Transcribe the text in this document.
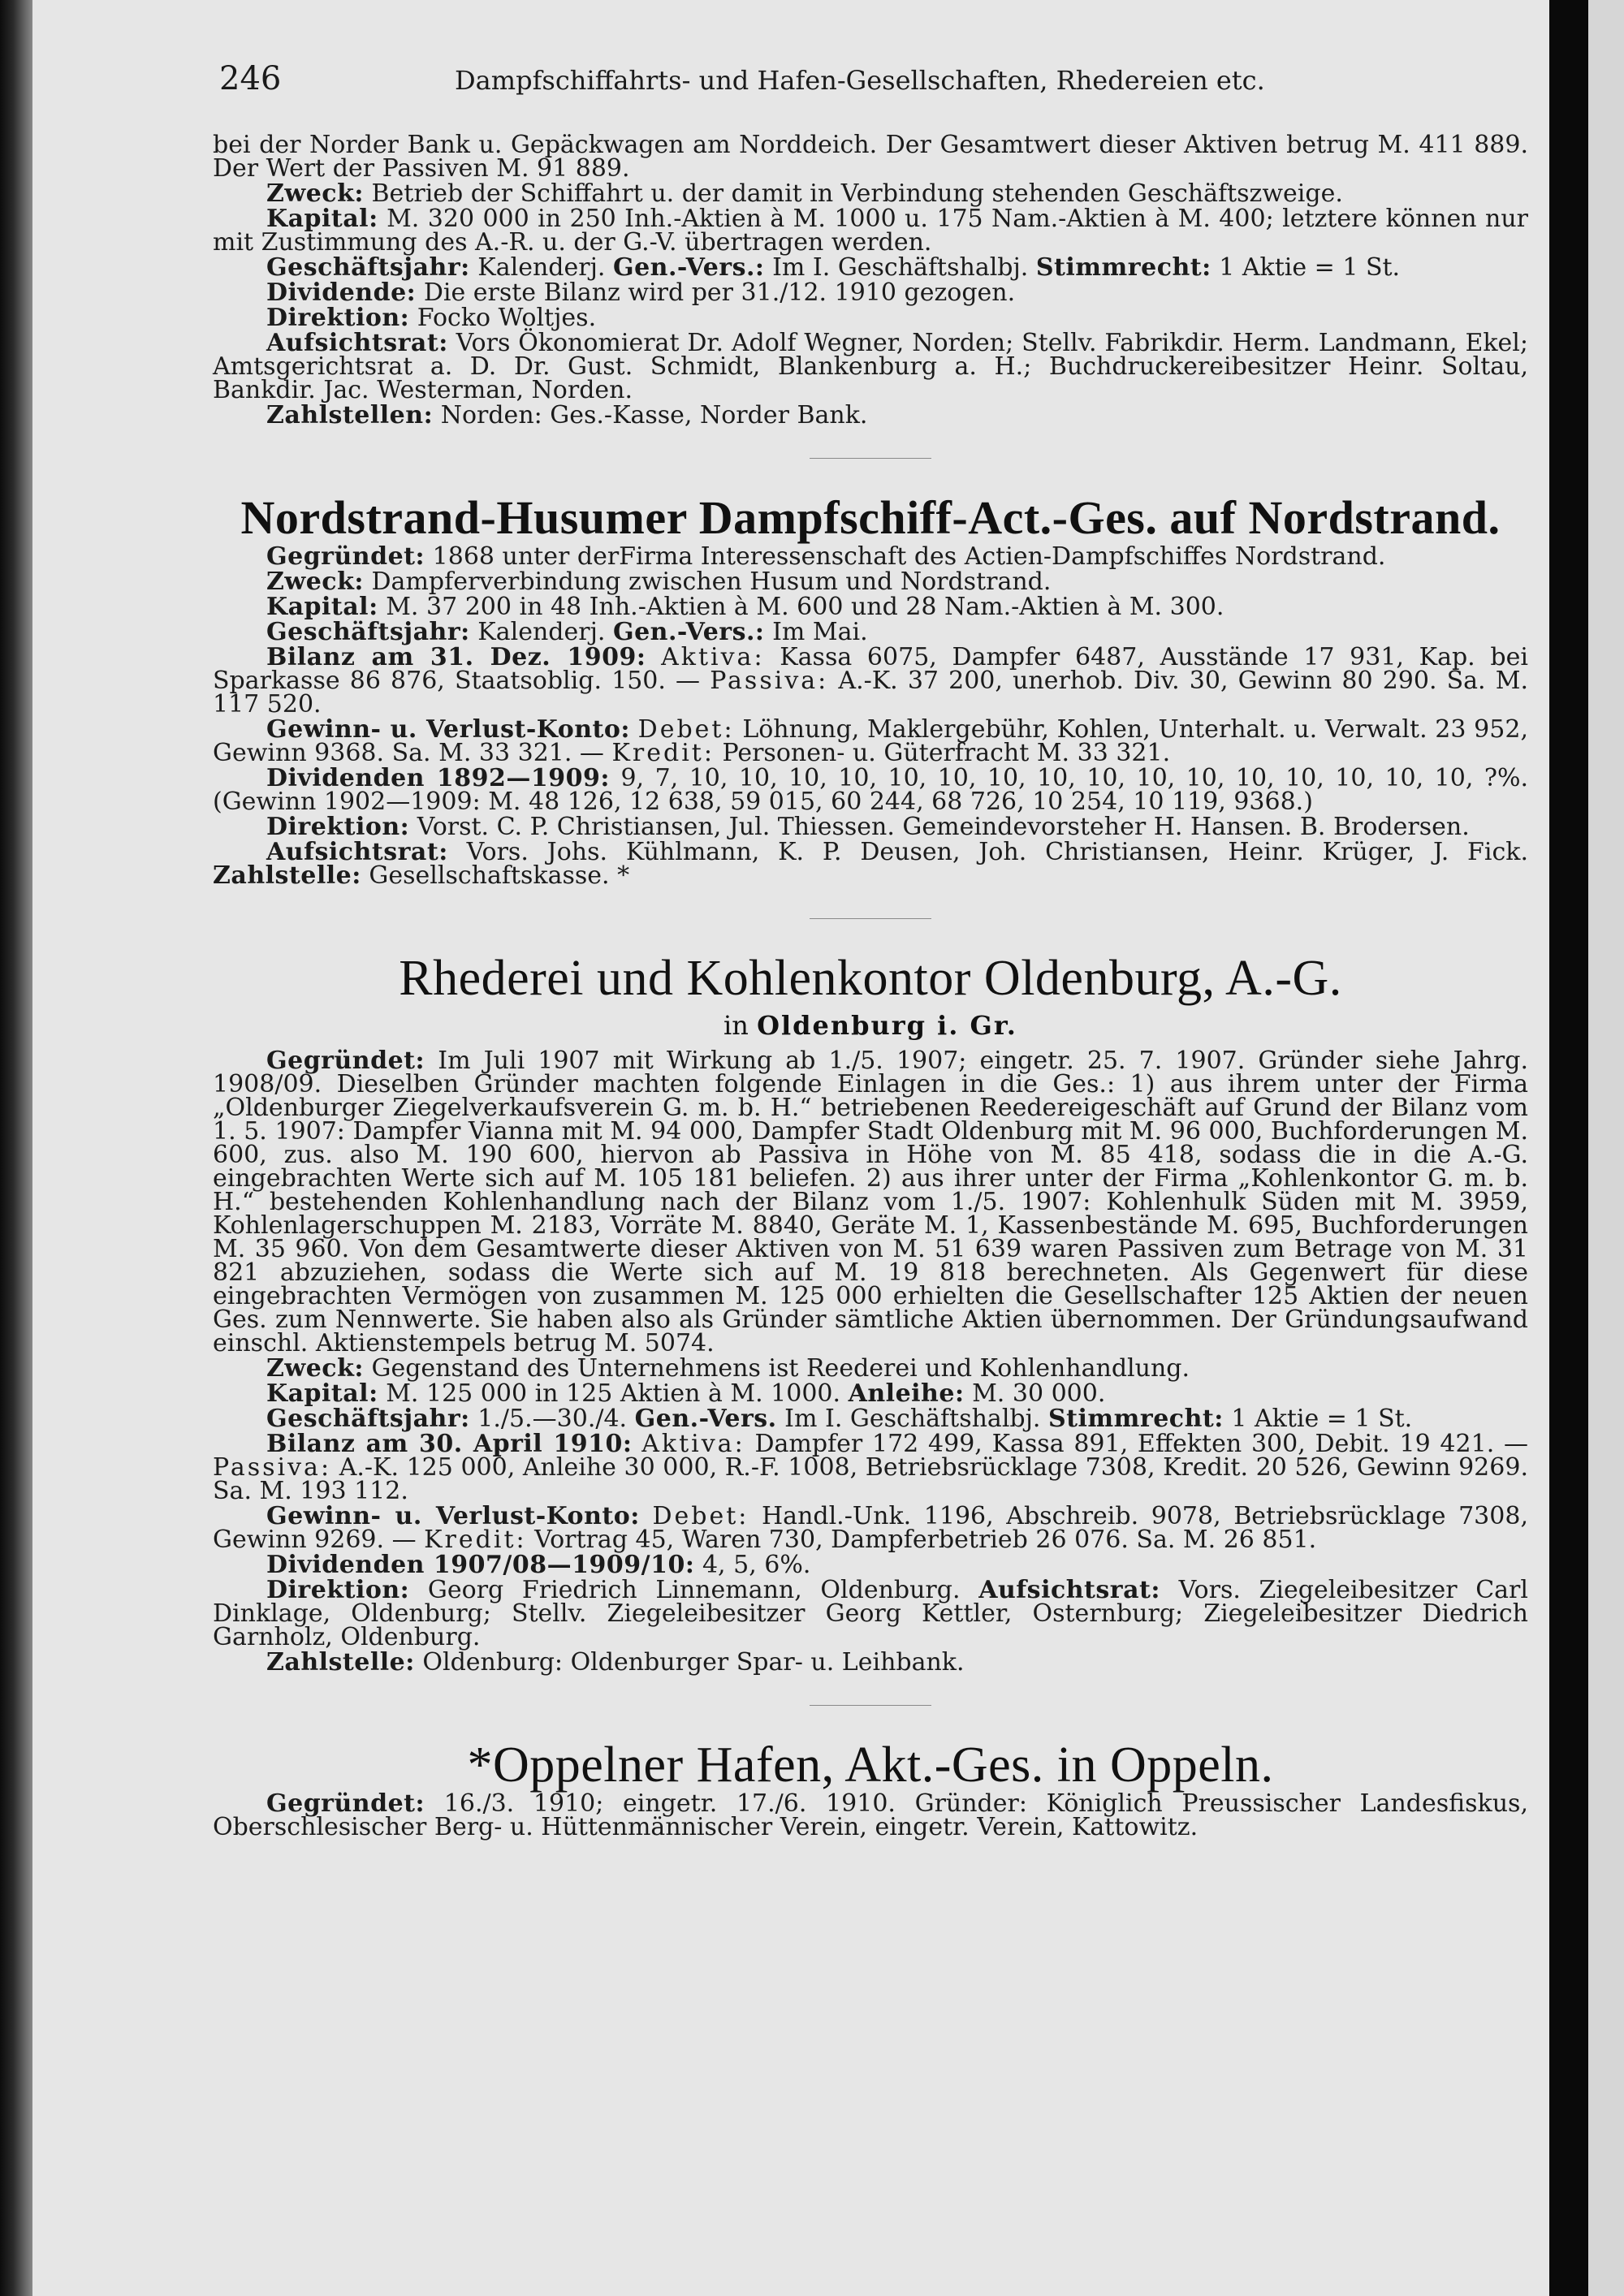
246	Dampfschiffahrts- und Hafen-Gesellschaften, Rhedereien etc.

bei der Norder Bank u. Gepäckwagen am Norddeich. Der Gesamtwert dieser Aktiven betrug M. 411 889. Der Wert der Passiven M. 91 889.

Zweck: Betrieb der Schiffahrt u. der damit in Verbindung stehenden Geschäftszweige.

Kapital: M. 320 000 in 250 Inh.-Aktien à M. 1000 u. 175 Nam.-Aktien à M. 400; letztere können nur mit Zustimmung des A.-R. u. der G.-V. übertragen werden.

Geschäftsjahr: Kalenderj. Gen.-Vers.: Im I. Geschäftshalbj. Stimmrecht: 1 Aktie = 1 St.

Dividende: Die erste Bilanz wird per 31./12. 1910 gezogen.

Direktion: Focko Woltjes.

Aufsichtsrat: Vors Ökonomierat Dr. Adolf Wegner, Norden; Stellv. Fabrikdir. Herm. Landmann, Ekel; Amtsgerichtsrat a. D. Dr. Gust. Schmidt, Blankenburg a. H.; Buchdruckereibesitzer Heinr. Soltau, Bankdir. Jac. Westerman, Norden.

Zahlstellen: Norden: Ges.-Kasse, Norder Bank.

Nordstrand-Husumer Dampfschiff-Act.-Ges. auf Nordstrand.

Gegründet: 1868 unter derFirma Interessenschaft des Actien-Dampfschiffes Nordstrand.

Zweck: Dampferverbindung zwischen Husum und Nordstrand.

Kapital: M. 37 200 in 48 Inh.-Aktien à M. 600 und 28 Nam.-Aktien à M. 300.

Geschäftsjahr: Kalenderj. Gen.-Vers.: Im Mai.

Bilanz am 31. Dez. 1909: Aktiva: Kassa 6075, Dampfer 6487, Ausstände 17 931, Kap. bei Sparkasse 86 876, Staatsoblig. 150. — Passiva: A.-K. 37 200, unerhob. Div. 30, Gewinn 80 290. Sa. M. 117 520.

Gewinn- u. Verlust-Konto: Debet: Löhnung, Maklergebühr, Kohlen, Unterhalt. u. Verwalt. 23 952, Gewinn 9368. Sa. M. 33 321. — Kredit: Personen- u. Güterfracht M. 33 321.

Dividenden 1892—1909: 9, 7, 10, 10, 10, 10, 10, 10, 10, 10, 10, 10, 10, 10, 10, 10, 10, 10, ?%. (Gewinn 1902—1909: M. 48 126, 12 638, 59 015, 60 244, 68 726, 10 254, 10 119, 9368.)

Direktion: Vorst. C. P. Christiansen, Jul. Thiessen. Gemeindevorsteher H. Hansen. B. Brodersen.

Aufsichtsrat: Vors. Johs. Kühlmann, K. P. Deusen, Joh. Christiansen, Heinr. Krüger, J. Fick. Zahlstelle: Gesellschaftskasse. *

Rhederei und Kohlenkontor Oldenburg, A.-G.

in Oldenburg i. Gr.

Gegründet: Im Juli 1907 mit Wirkung ab 1./5. 1907; eingetr. 25. 7. 1907. Gründer siehe Jahrg. 1908/09. Dieselben Gründer machten folgende Einlagen in die Ges.: 1) aus ihrem unter der Firma „Oldenburger Ziegelverkaufsverein G. m. b. H.“ betriebenen Reedereigeschäft auf Grund der Bilanz vom 1. 5. 1907: Dampfer Vianna mit M. 94 000, Dampfer Stadt Oldenburg mit M. 96 000, Buchforderungen M. 600, zus. also M. 190 600, hiervon ab Passiva in Höhe von M. 85 418, sodass die in die A.-G. eingebrachten Werte sich auf M. 105 181 beliefen. 2) aus ihrer unter der Firma „Kohlenkontor G. m. b. H.“ bestehenden Kohlenhandlung nach der Bilanz vom 1./5. 1907: Kohlenhulk Süden mit M. 3959, Kohlenlagerschuppen M. 2183, Vorräte M. 8840, Geräte M. 1, Kassenbestände M. 695, Buchforderungen M. 35 960. Von dem Gesamtwerte dieser Aktiven von M. 51 639 waren Passiven zum Betrage von M. 31 821 abzuziehen, sodass die Werte sich auf M. 19 818 berechneten. Als Gegenwert für diese eingebrachten Vermögen von zusammen M. 125 000 erhielten die Gesellschafter 125 Aktien der neuen Ges. zum Nennwerte. Sie haben also als Gründer sämtliche Aktien übernommen. Der Gründungsaufwand einschl. Aktienstempels betrug M. 5074.

Zweck: Gegenstand des Unternehmens ist Reederei und Kohlenhandlung.

Kapital: M. 125 000 in 125 Aktien à M. 1000. Anleihe: M. 30 000.

Geschäftsjahr: 1./5.—30./4. Gen.-Vers. Im I. Geschäftshalbj. Stimmrecht: 1 Aktie = 1 St.

Bilanz am 30. April 1910: Aktiva: Dampfer 172 499, Kassa 891, Effekten 300, Debit. 19 421. — Passiva: A.-K. 125 000, Anleihe 30 000, R.-F. 1008, Betriebsrücklage 7308, Kredit. 20 526, Gewinn 9269. Sa. M. 193 112.

Gewinn- u. Verlust-Konto: Debet: Handl.-Unk. 1196, Abschreib. 9078, Betriebsrücklage 7308, Gewinn 9269. — Kredit: Vortrag 45, Waren 730, Dampferbetrieb 26 076. Sa. M. 26 851.

Dividenden 1907/08—1909/10: 4, 5, 6%.

Direktion: Georg Friedrich Linnemann, Oldenburg. Aufsichtsrat: Vors. Ziegeleibesitzer Carl Dinklage, Oldenburg; Stellv. Ziegeleibesitzer Georg Kettler, Osternburg; Ziegeleibesitzer Diedrich Garnholz, Oldenburg.

Zahlstelle: Oldenburg: Oldenburger Spar- u. Leihbank.

*Oppelner Hafen, Akt.-Ges. in Oppeln.

Gegründet: 16./3. 1910; eingetr. 17./6. 1910. Gründer: Königlich Preussischer Landesfiskus, Oberschlesischer Berg- u. Hüttenmännischer Verein, eingetr. Verein, Kattowitz.
